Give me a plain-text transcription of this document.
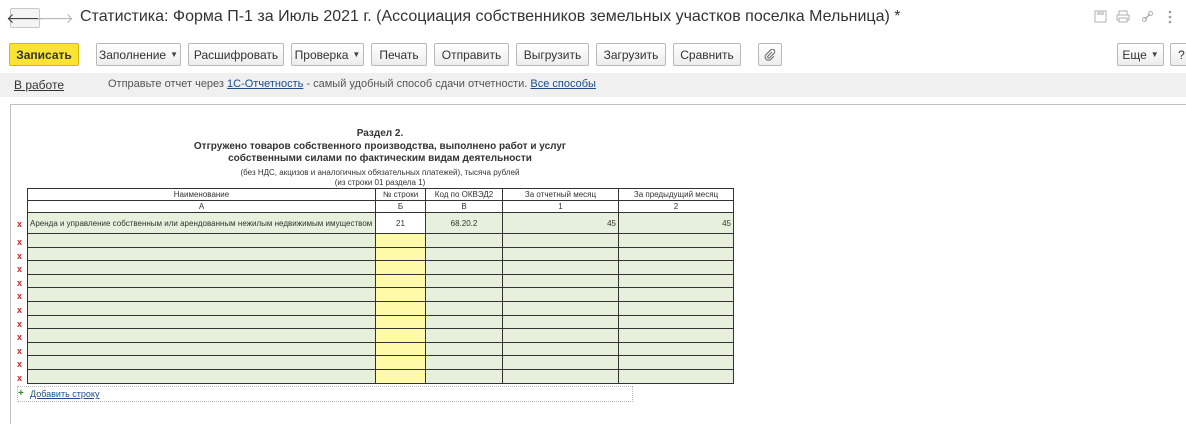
🡐
🡒 Статистика: Форма П-1 за Июль 2021 г. (Ассоциация собственников земельных участков поселка Мельница) *
Записать Заполнение ▼ Расшифровать Проверка ▼ Печать Отправить Выгрузить Загрузить Сравнить	Еще ▼ ?
В работе	Отправьте отчет через 1С-Отчетность - самый удобный способ сдачи отчетности. Все способы
Раздел 2.
Отгружено товаров собственного производства, выполнено работ и услуг
собственными силами по фактическим видам деятельности
(без НДС, акцизов и аналогичных обязательных платежей), тысяча рублей
(из строки 01 раздела 1)
Наименование	№ строки	Код по ОКВЭД2	За отчетный месяц	За предыдущий месяц
А	Б	В	1	2
Аренда и управление собственным или арендованным нежилым недвижимым имуществом	21	68.20.2	45	45

x
x
x
x
x
x
x
x
x
x
x
x
+ Добавить строку
